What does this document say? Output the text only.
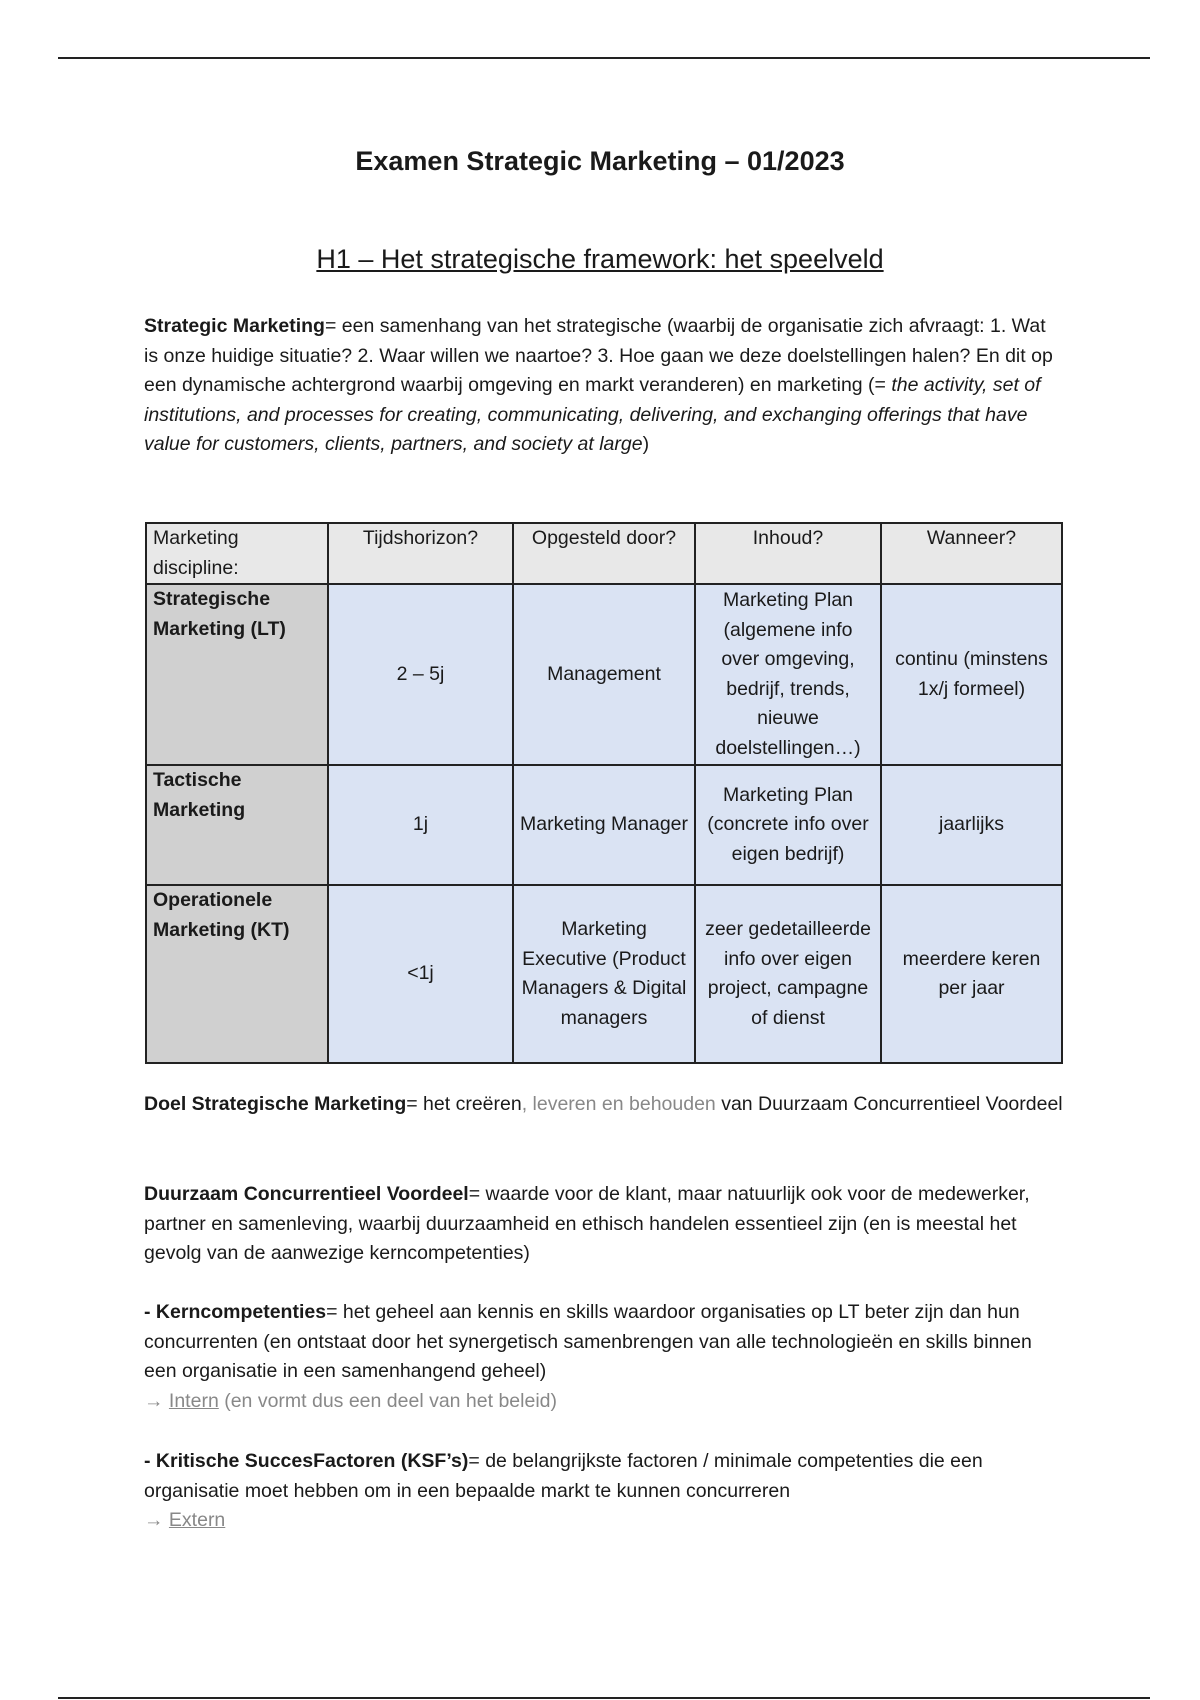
Examen Strategic Marketing – 01/2023
H1 – Het strategische framework: het speelveld
Strategic Marketing= een samenhang van het strategische (waarbij de organisatie zich afvraagt: 1. Wat is onze huidige situatie? 2. Waar willen we naartoe? 3. Hoe gaan we deze doelstellingen halen? En dit op een dynamische achtergrond waarbij omgeving en markt veranderen) en marketing (= the activity, set of institutions, and processes for creating, communicating, delivering, and exchanging offerings that have value for customers, clients, partners, and society at large)
Marketing discipline:	Tijdshorizon?	Opgesteld door?	Inhoud?	Wanneer?
Strategische Marketing (LT)	2 – 5j	Management	Marketing Plan (algemene info over omgeving, bedrijf, trends, nieuwe doelstellingen…)	continu (minstens 1x/j formeel)
Tactische Marketing	1j	Marketing Manager	Marketing Plan (concrete info over eigen bedrijf)	jaarlijks
Operationele Marketing (KT)	<1j	Marketing Executive (Product Managers & Digital managers	zeer gedetailleerde info over eigen project, campagne of dienst	meerdere keren per jaar
Doel Strategische Marketing= het creëren, leveren en behouden van Duurzaam Concurrentieel Voordeel
Duurzaam Concurrentieel Voordeel= waarde voor de klant, maar natuurlijk ook voor de medewerker, partner en samenleving, waarbij duurzaamheid en ethisch handelen essentieel zijn (en is meestal het gevolg van de aanwezige kerncompetenties)
- Kerncompetenties= het geheel aan kennis en skills waardoor organisaties op LT beter zijn dan hun concurrenten (en ontstaat door het synergetisch samenbrengen van alle technologieën en skills binnen een organisatie in een samenhangend geheel)
→ Intern (en vormt dus een deel van het beleid)
- Kritische SuccesFactoren (KSF’s)= de belangrijkste factoren / minimale competenties die een organisatie moet hebben om in een bepaalde markt te kunnen concurreren
→ Extern
